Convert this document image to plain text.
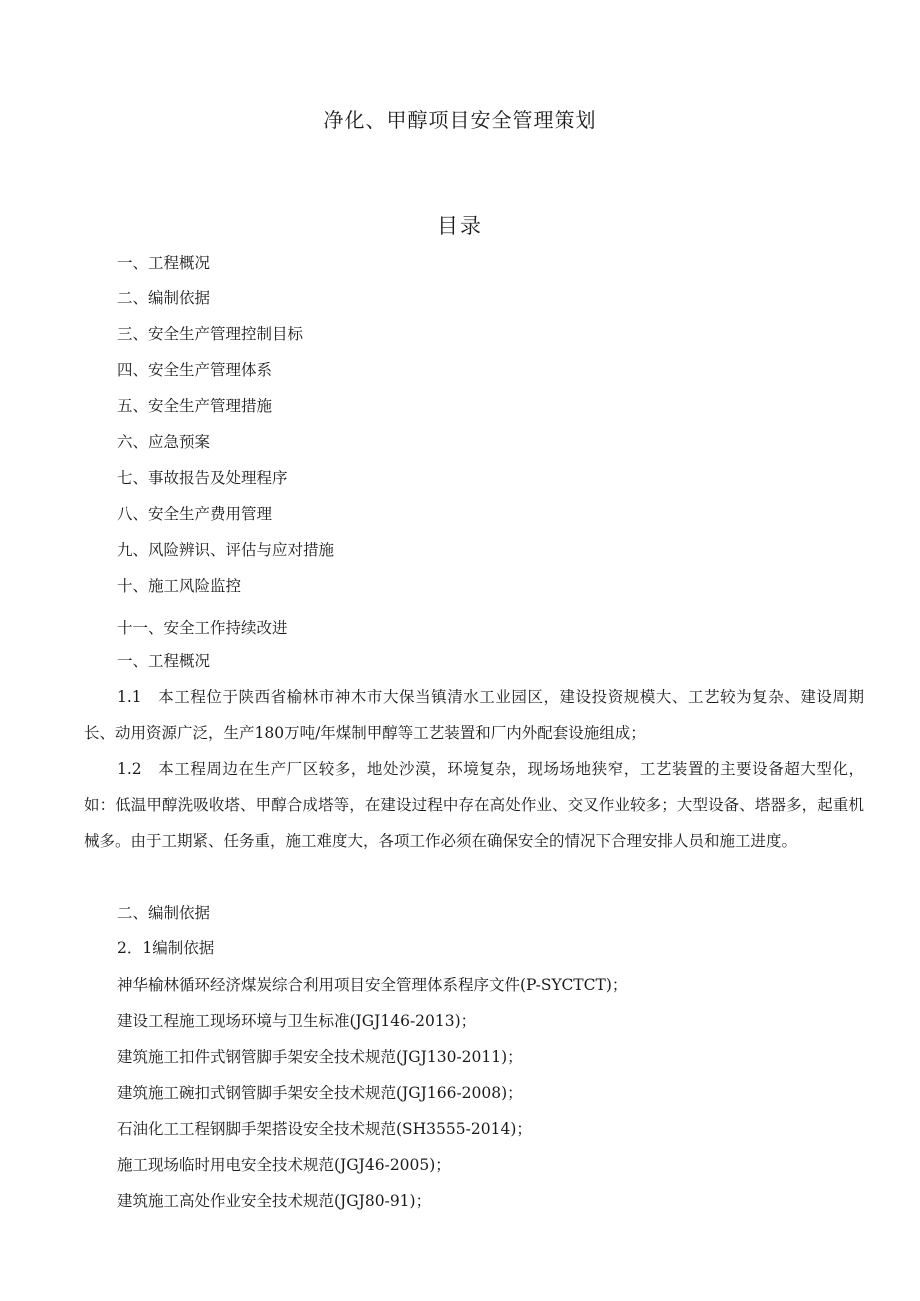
净化、甲醇项目安全管理策划
目录

一、工程概况

二、编制依据

三、安全生产管理控制目标

四、安全生产管理体系

五、安全生产管理措施

六、应急预案

七、事故报告及处理程序

八、安全生产费用管理

九、风险辨识、评估与应对措施

十、施工风险监控

十一、安全工作持续改进

一、工程概况

1.1　本工程位于陕西省榆林市神木市大保当镇清水工业园区，建设投资规模大、工艺较为复杂、建设周期长、动用资源广泛，生产180万吨/年煤制甲醇等工艺装置和厂内外配套设施组成；

1.2　本工程周边在生产厂区较多，地处沙漠，环境复杂，现场场地狭窄，工艺装置的主要设备超大型化，如：低温甲醇洗吸收塔、甲醇合成塔等，在建设过程中存在高处作业、交叉作业较多；大型设备、塔器多，起重机械多。由于工期紧、任务重，施工难度大，各项工作必须在确保安全的情况下合理安排人员和施工进度。

二、编制依据

2．1编制依据

神华榆林循环经济煤炭综合利用项目安全管理体系程序文件(P-SYCTCT)；

建设工程施工现场环境与卫生标准(JGJ146-2013)；

建筑施工扣件式钢管脚手架安全技术规范(JGJ130-2011)；

建筑施工碗扣式钢管脚手架安全技术规范(JGJ166-2008)；

石油化工工程钢脚手架搭设安全技术规范(SH3555-2014)；

施工现场临时用电安全技术规范(JGJ46-2005)；

建筑施工高处作业安全技术规范(JGJ80-91)；
